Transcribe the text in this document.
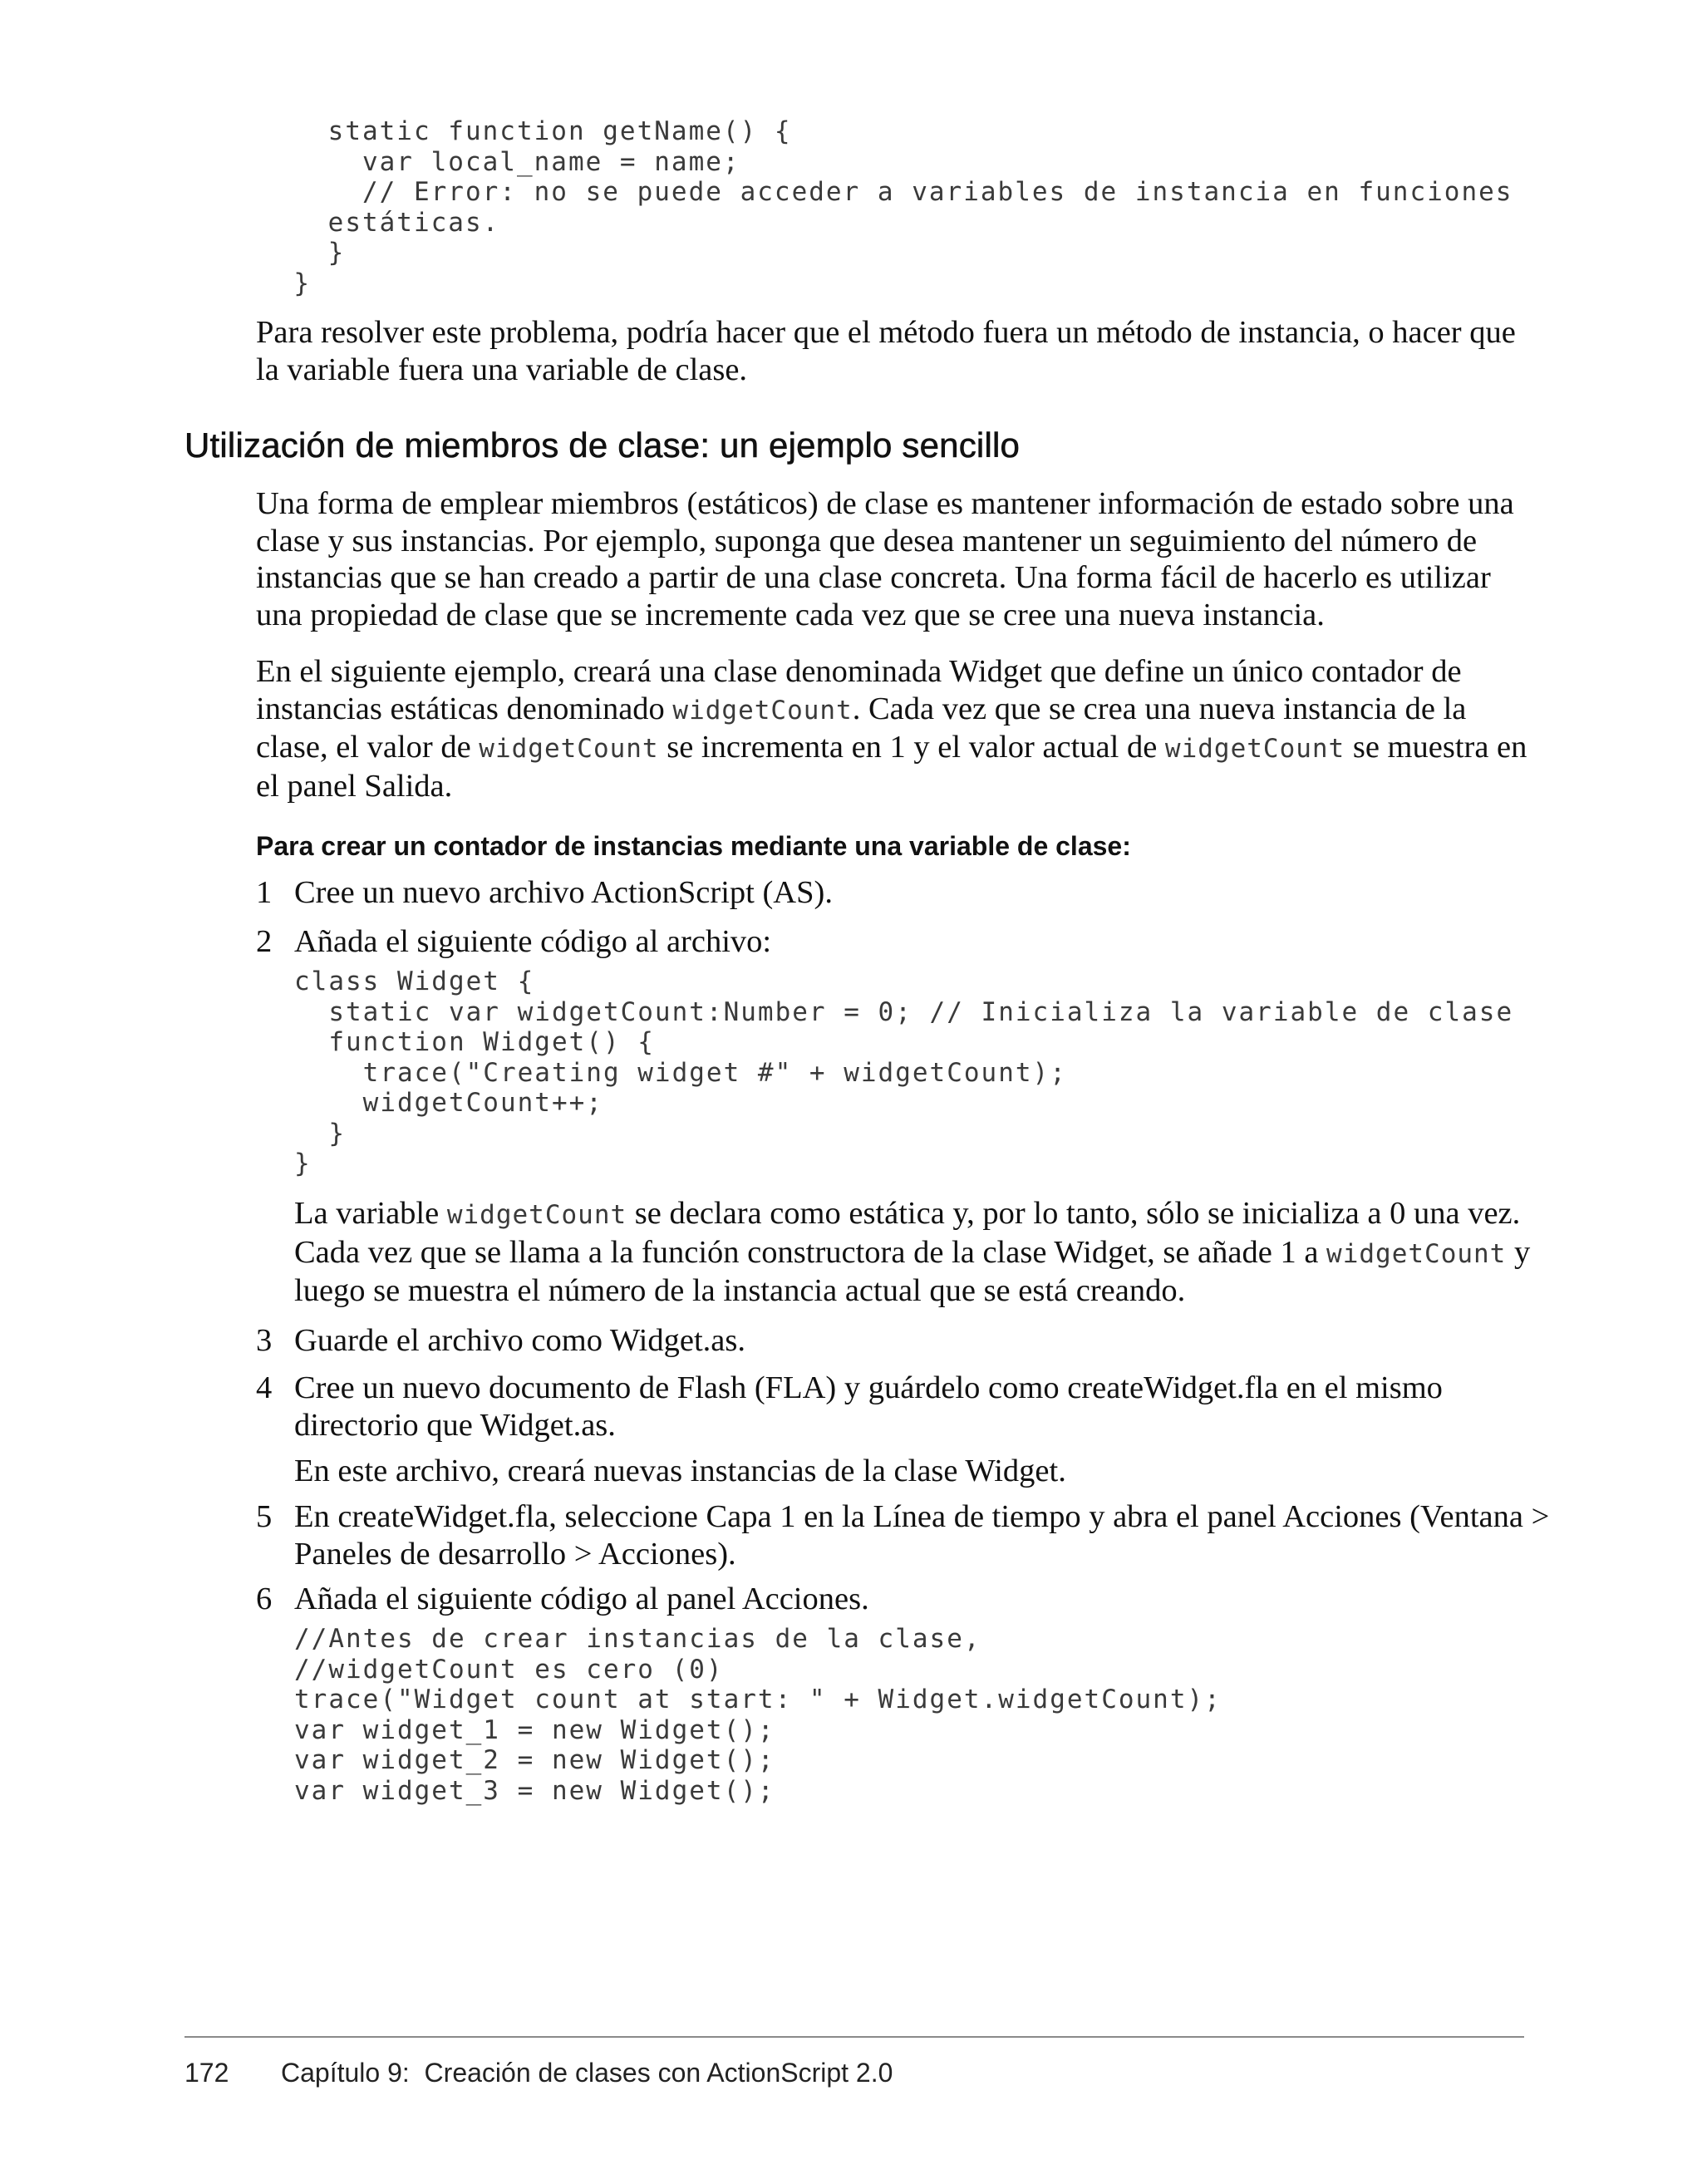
static function getName() {
var local_name = name;
// Error: no se puede acceder a variables de instancia en funciones
estáticas.
}
}

Para resolver este problema, podría hacer que el método fuera un método de instancia, o hacer que la variable fuera una variable de clase.

Utilización de miembros de clase: un ejemplo sencillo

Una forma de emplear miembros (estáticos) de clase es mantener información de estado sobre una clase y sus instancias. Por ejemplo, suponga que desea mantener un seguimiento del número de instancias que se han creado a partir de una clase concreta. Una forma fácil de hacerlo es utilizar una propiedad de clase que se incremente cada vez que se cree una nueva instancia.

En el siguiente ejemplo, creará una clase denominada Widget que define un único contador de instancias estáticas denominado widgetCount. Cada vez que se crea una nueva instancia de la clase, el valor de widgetCount se incrementa en 1 y el valor actual de widgetCount se muestra en el panel Salida.

Para crear un contador de instancias mediante una variable de clase:
1 Cree un nuevo archivo ActionScript (AS).

2 Añada el siguiente código al archivo:

class Widget {
static var widgetCount:Number = 0; // Inicializa la variable de clase
function Widget() {
trace("Creating widget #" + widgetCount);
widgetCount++;
}
}

La variable widgetCount se declara como estática y, por lo tanto, sólo se inicializa a 0 una vez. Cada vez que se llama a la función constructora de la clase Widget, se añade 1 a widgetCount y luego se muestra el número de la instancia actual que se está creando.

3 Guarde el archivo como Widget.as.

4 Cree un nuevo documento de Flash (FLA) y guárdelo como createWidget.fla en el mismo directorio que Widget.as.

En este archivo, creará nuevas instancias de la clase Widget.

5 En createWidget.fla, seleccione Capa 1 en la Línea de tiempo y abra el panel Acciones (Ventana > Paneles de desarrollo > Acciones).

6 Añada el siguiente código al panel Acciones.

//Antes de crear instancias de la clase,
//widgetCount es cero (0)
trace("Widget count at start: " + Widget.widgetCount);
var widget_1 = new Widget();
var widget_2 = new Widget();
var widget_3 = new Widget();
172 Capítulo 9:  Creación de clases con ActionScript 2.0
